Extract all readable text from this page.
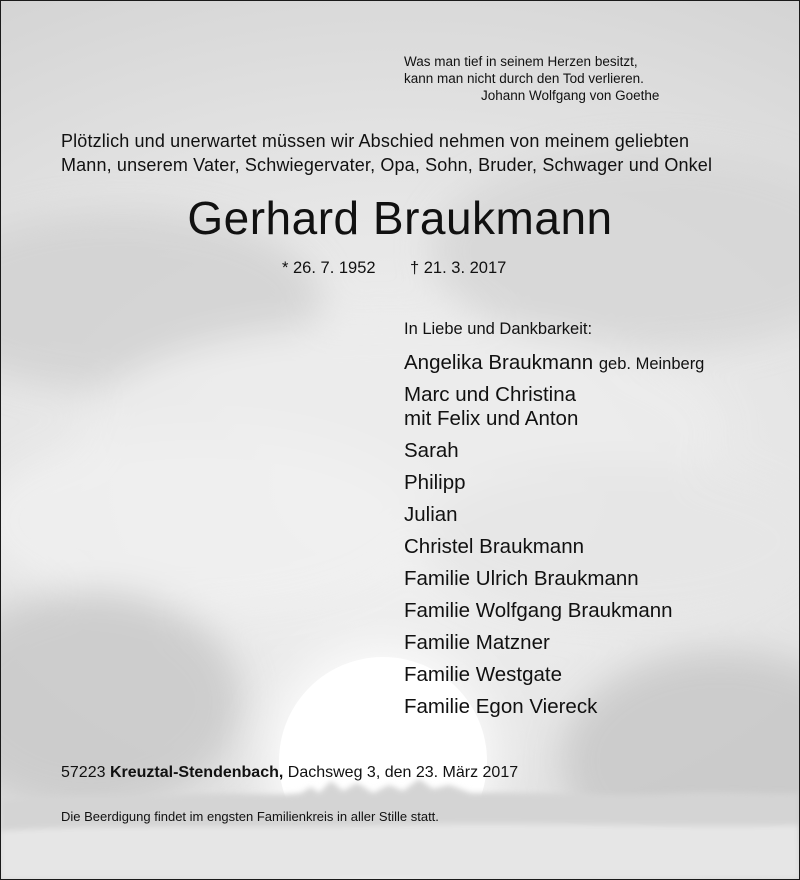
Was man tief in seinem Herzen besitzt,
kann man nicht durch den Tod verlieren.
Johann Wolfgang von Goethe
Plötzlich und unerwartet müssen wir Abschied nehmen von meinem geliebten
Mann, unserem Vater, Schwiegervater, Opa, Sohn, Bruder, Schwager und Onkel
Gerhard Braukmann
* 26. 7. 1952 † 21. 3. 2017
In Liebe und Dankbarkeit:
Angelika Braukmann geb. Meinberg
Marc und Christina
mit Felix und Anton
Sarah
Philipp
Julian
Christel Braukmann
Familie Ulrich Braukmann
Familie Wolfgang Braukmann
Familie Matzner
Familie Westgate
Familie Egon Viereck
57223 Kreuztal-Stendenbach, Dachsweg 3, den 23. März 2017
Die Beerdigung findet im engsten Familienkreis in aller Stille statt.
